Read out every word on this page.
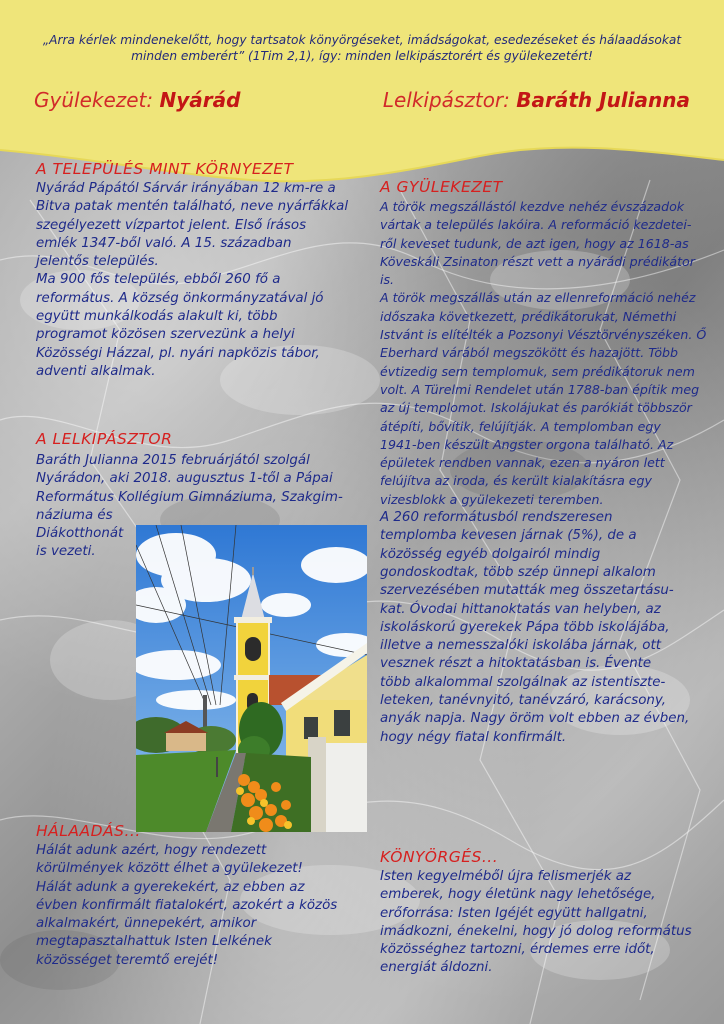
„Arra kérlek mindenekelőtt, hogy tartsatok könyörgéseket, imádságokat, esedezéseket és hálaadásokat
minden emberért” (1Tim 2,1), így: minden lelkipásztorért és gyülekezetért!
Gyülekezet: Nyárád	Lelkipásztor: Baráth Julianna
A TELEPÜLÉS MINT KÖRNYEZET
Nyárád Pápától Sárvár irányában 12 km-re a
Bitva patak mentén található, neve nyárfákkal
szegélyezett vízpartot jelent. Első írásos
emlék 1347-ből való. A 15. században
jelentős település.
Ma 900 fős település, ebből 260 fő a
református. A község önkormányzatával jó
együtt munkálkodás alakult ki, több
programot közösen szervezünk a helyi
Közösségi Házzal, pl. nyári napközis tábor,
adventi alkalmak.
A LELKIPÁSZTOR
Baráth Julianna 2015 februárjától szolgál
Nyárádon, aki 2018. augusztus 1-től a Pápai
Református Kollégium Gimnáziuma, Szakgim-
náziuma és
Diákotthonát
is vezeti.
A GYÜLEKEZET
A török megszállástól kezdve nehéz évszázadok
vártak a település lakóira. A reformáció kezdetei-
ről keveset tudunk, de azt igen, hogy az 1618-as
Köveskáli Zsinaton részt vett a nyárádi prédikátor is.
A török megszállás után az ellenreformáció nehéz
időszaka következett, prédikátorukat, Némethi
Istvánt is elítélték a Pozsonyi Vésztörvényszéken. Ő
Eberhard várából megszökött és hazajött. Több
évtizedig sem templomuk, sem prédikátoruk nem
volt. A Türelmi Rendelet után 1788-ban építik meg
az új templomot. Iskolájukat és parókiát többször
átépíti, bővítik, felújítják. A templomban egy
1941-ben készült Angster orgona található. Az
épületek rendben vannak, ezen a nyáron lett
felújítva az iroda, és került kialakításra egy
vizesblokk a gyülekezeti teremben.
A 260 reformátusból rendszeresen
templomba kevesen járnak (5%), de a
közösség egyéb dolgairól mindig
gondoskodtak, több szép ünnepi alkalom
szervezésében mutatták meg összetartásu-
kat. Óvodai hittanoktatás van helyben, az
iskoláskorú gyerekek Pápa több iskolájába,
illetve a nemesszalóki iskolába járnak, ott
vesznek részt a hitoktatásban is. Évente
több alkalommal szolgálnak az istentiszte-
leteken, tanévnyitó, tanévzáró, karácsony,
anyák napja. Nagy öröm volt ebben az évben,
hogy négy fiatal konfirmált.
HÁLAADÁS...
Hálát adunk azért, hogy rendezett
körülmények között élhet a gyülekezet!
Hálát adunk a gyerekekért, az ebben az
évben konfirmált fiatalokért, azokért a közös
alkalmakért, ünnepekért, amikor
megtapasztalhattuk Isten Lelkének
közösséget teremtő erejét!
KÖNYÖRGÉS...
Isten kegyelméből újra felismerjék az
emberek, hogy életünk nagy lehetősége,
erőforrása: Isten Igéjét együtt hallgatni,
imádkozni, énekelni, hogy jó dolog református
közösséghez tartozni, érdemes erre időt,
energiát áldozni.
